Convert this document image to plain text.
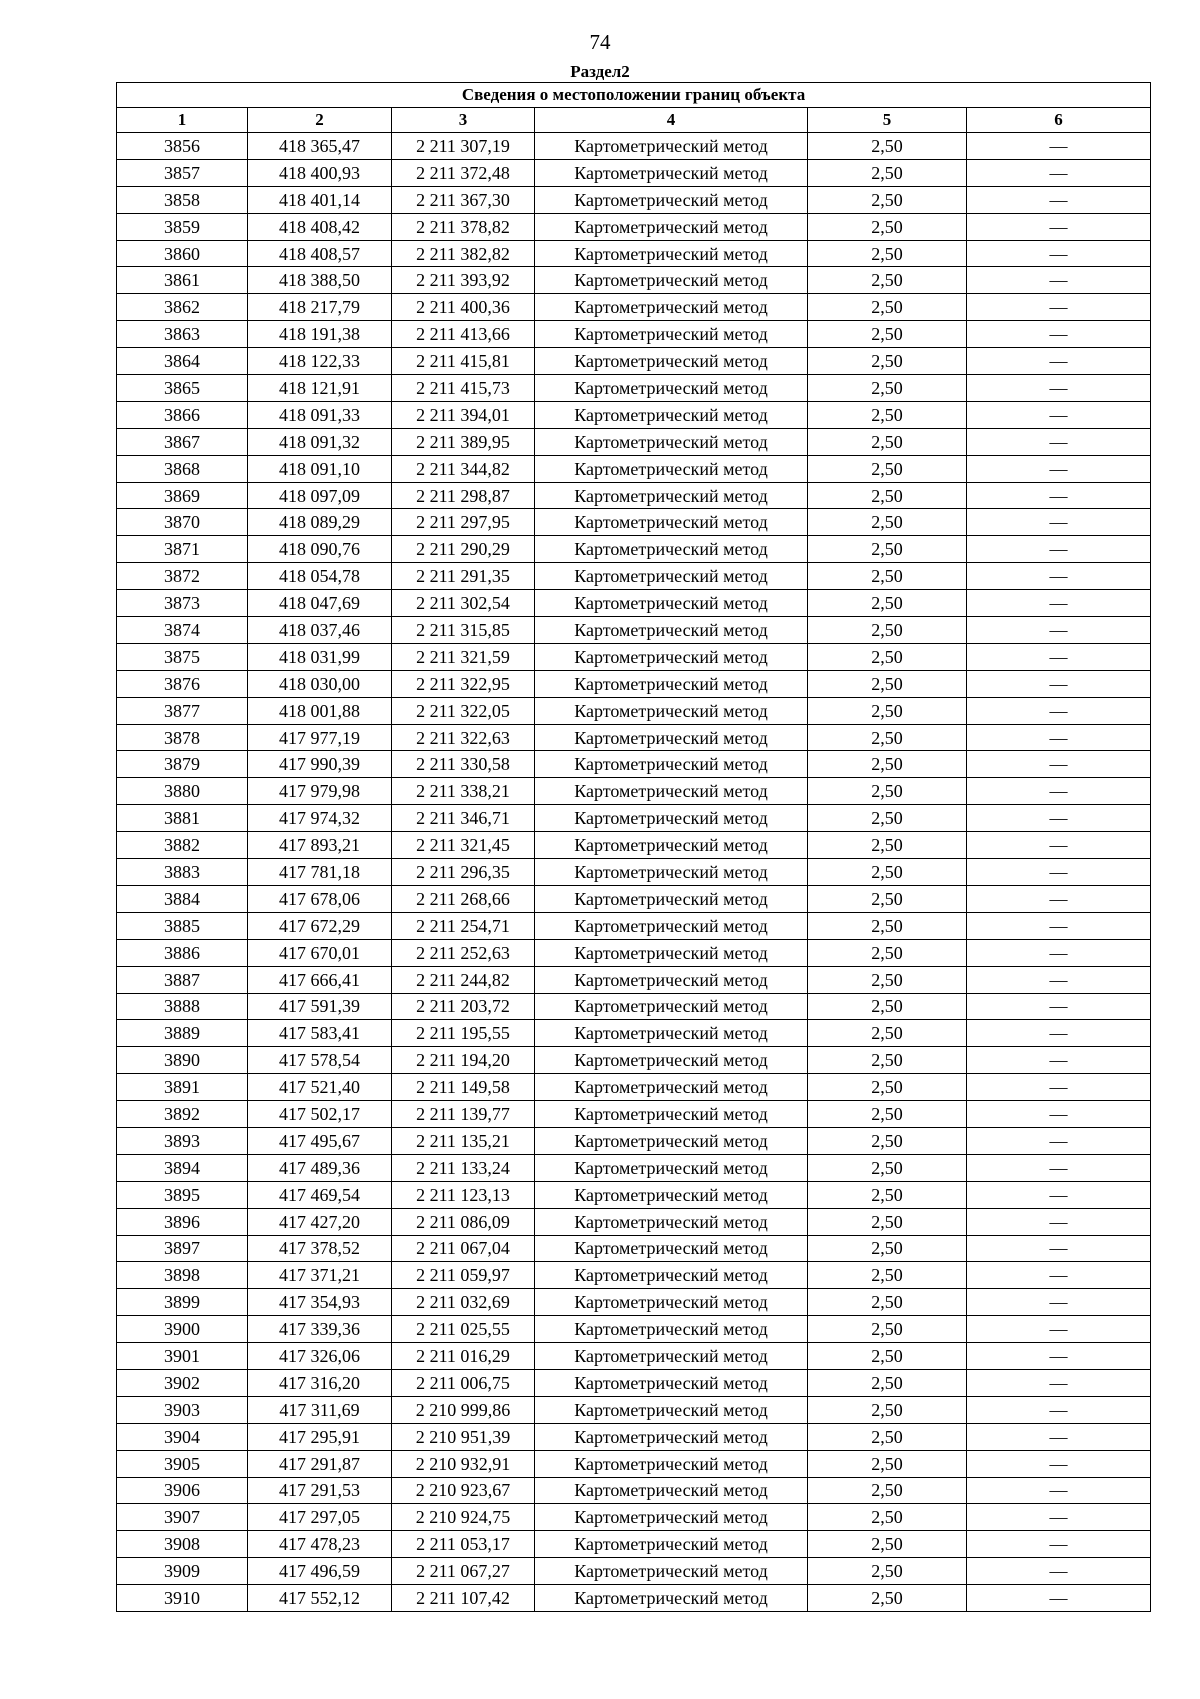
74
Раздел2
Сведения о местоположении границ объекта					
1	2	3	4	5	6
3856	418 365,47	2 211 307,19	Картометрический метод	2,50	—
3857	418 400,93	2 211 372,48	Картометрический метод	2,50	—
3858	418 401,14	2 211 367,30	Картометрический метод	2,50	—
3859	418 408,42	2 211 378,82	Картометрический метод	2,50	—
3860	418 408,57	2 211 382,82	Картометрический метод	2,50	—
3861	418 388,50	2 211 393,92	Картометрический метод	2,50	—
3862	418 217,79	2 211 400,36	Картометрический метод	2,50	—
3863	418 191,38	2 211 413,66	Картометрический метод	2,50	—
3864	418 122,33	2 211 415,81	Картометрический метод	2,50	—
3865	418 121,91	2 211 415,73	Картометрический метод	2,50	—
3866	418 091,33	2 211 394,01	Картометрический метод	2,50	—
3867	418 091,32	2 211 389,95	Картометрический метод	2,50	—
3868	418 091,10	2 211 344,82	Картометрический метод	2,50	—
3869	418 097,09	2 211 298,87	Картометрический метод	2,50	—
3870	418 089,29	2 211 297,95	Картометрический метод	2,50	—
3871	418 090,76	2 211 290,29	Картометрический метод	2,50	—
3872	418 054,78	2 211 291,35	Картометрический метод	2,50	—
3873	418 047,69	2 211 302,54	Картометрический метод	2,50	—
3874	418 037,46	2 211 315,85	Картометрический метод	2,50	—
3875	418 031,99	2 211 321,59	Картометрический метод	2,50	—
3876	418 030,00	2 211 322,95	Картометрический метод	2,50	—
3877	418 001,88	2 211 322,05	Картометрический метод	2,50	—
3878	417 977,19	2 211 322,63	Картометрический метод	2,50	—
3879	417 990,39	2 211 330,58	Картометрический метод	2,50	—
3880	417 979,98	2 211 338,21	Картометрический метод	2,50	—
3881	417 974,32	2 211 346,71	Картометрический метод	2,50	—
3882	417 893,21	2 211 321,45	Картометрический метод	2,50	—
3883	417 781,18	2 211 296,35	Картометрический метод	2,50	—
3884	417 678,06	2 211 268,66	Картометрический метод	2,50	—
3885	417 672,29	2 211 254,71	Картометрический метод	2,50	—
3886	417 670,01	2 211 252,63	Картометрический метод	2,50	—
3887	417 666,41	2 211 244,82	Картометрический метод	2,50	—
3888	417 591,39	2 211 203,72	Картометрический метод	2,50	—
3889	417 583,41	2 211 195,55	Картометрический метод	2,50	—
3890	417 578,54	2 211 194,20	Картометрический метод	2,50	—
3891	417 521,40	2 211 149,58	Картометрический метод	2,50	—
3892	417 502,17	2 211 139,77	Картометрический метод	2,50	—
3893	417 495,67	2 211 135,21	Картометрический метод	2,50	—
3894	417 489,36	2 211 133,24	Картометрический метод	2,50	—
3895	417 469,54	2 211 123,13	Картометрический метод	2,50	—
3896	417 427,20	2 211 086,09	Картометрический метод	2,50	—
3897	417 378,52	2 211 067,04	Картометрический метод	2,50	—
3898	417 371,21	2 211 059,97	Картометрический метод	2,50	—
3899	417 354,93	2 211 032,69	Картометрический метод	2,50	—
3900	417 339,36	2 211 025,55	Картометрический метод	2,50	—
3901	417 326,06	2 211 016,29	Картометрический метод	2,50	—
3902	417 316,20	2 211 006,75	Картометрический метод	2,50	—
3903	417 311,69	2 210 999,86	Картометрический метод	2,50	—
3904	417 295,91	2 210 951,39	Картометрический метод	2,50	—
3905	417 291,87	2 210 932,91	Картометрический метод	2,50	—
3906	417 291,53	2 210 923,67	Картометрический метод	2,50	—
3907	417 297,05	2 210 924,75	Картометрический метод	2,50	—
3908	417 478,23	2 211 053,17	Картометрический метод	2,50	—
3909	417 496,59	2 211 067,27	Картометрический метод	2,50	—
3910	417 552,12	2 211 107,42	Картометрический метод	2,50	—
